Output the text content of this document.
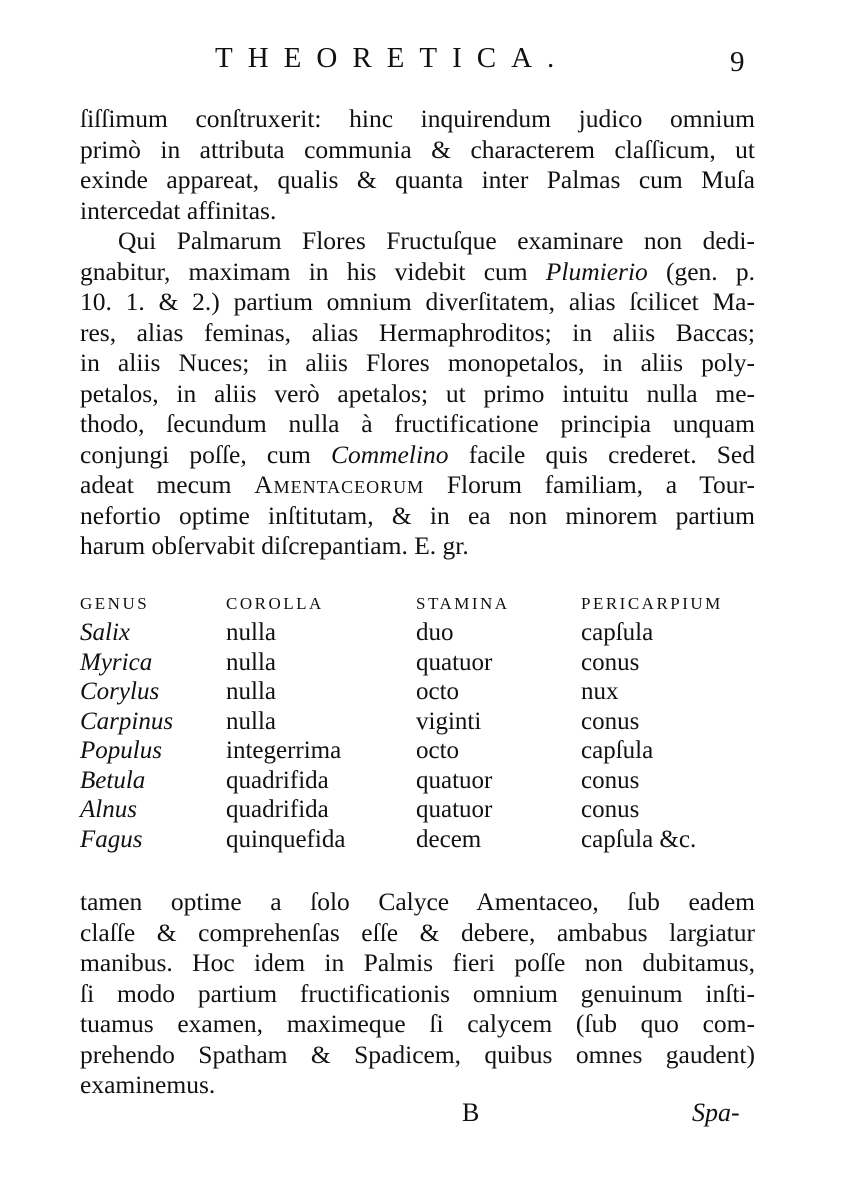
THEORETICA.	9
ſiſſimum conſtruxerit: hinc inquirendum judico omnium
primò in attributa communia & characterem claſſicum, ut
exinde appareat, qualis & quanta inter Palmas cum Muſa
intercedat affinitas.
Qui Palmarum Flores Fructuſque examinare non dedi-
gnabitur, maximam in his videbit cum Plumierio (gen. p.
10. 1. & 2.) partium omnium diverſitatem, alias ſcilicet Ma-
res, alias feminas, alias Hermaphroditos; in aliis Baccas;
in aliis Nuces; in aliis Flores monopetalos, in aliis poly-
petalos, in aliis verò apetalos; ut primo intuitu nulla me-
thodo, ſecundum nulla à fructificatione principia unquam
conjungi poſſe, cum Commelino facile quis crederet. Sed
adeat mecum Amentaceorum Florum familiam, a Tour-
nefortio optime inſtitutam, & in ea non minorem partium
harum obſervabit diſcrepantiam. E. gr.
GENUS	COROLLA	STAMINA	PERICARPIUM
Salix	nulla	duo	capſula
Myrica	nulla	quatuor	conus
Corylus	nulla	octo	nux
Carpinus	nulla	viginti	conus
Populus	integerrima	octo	capſula
Betula	quadrifida	quatuor	conus
Alnus	quadrifida	quatuor	conus
Fagus	quinquefida	decem	capſula &c.
tamen optime a ſolo Calyce Amentaceo, ſub eadem
claſſe & comprehenſas eſſe & debere, ambabus largiatur
manibus. Hoc idem in Palmis fieri poſſe non dubitamus,
ſi modo partium fructificationis omnium genuinum inſti-
tuamus examen, maximeque ſi calycem (ſub quo com-
prehendo Spatham & Spadicem, quibus omnes gaudent)
examinemus.
B	Spa-
